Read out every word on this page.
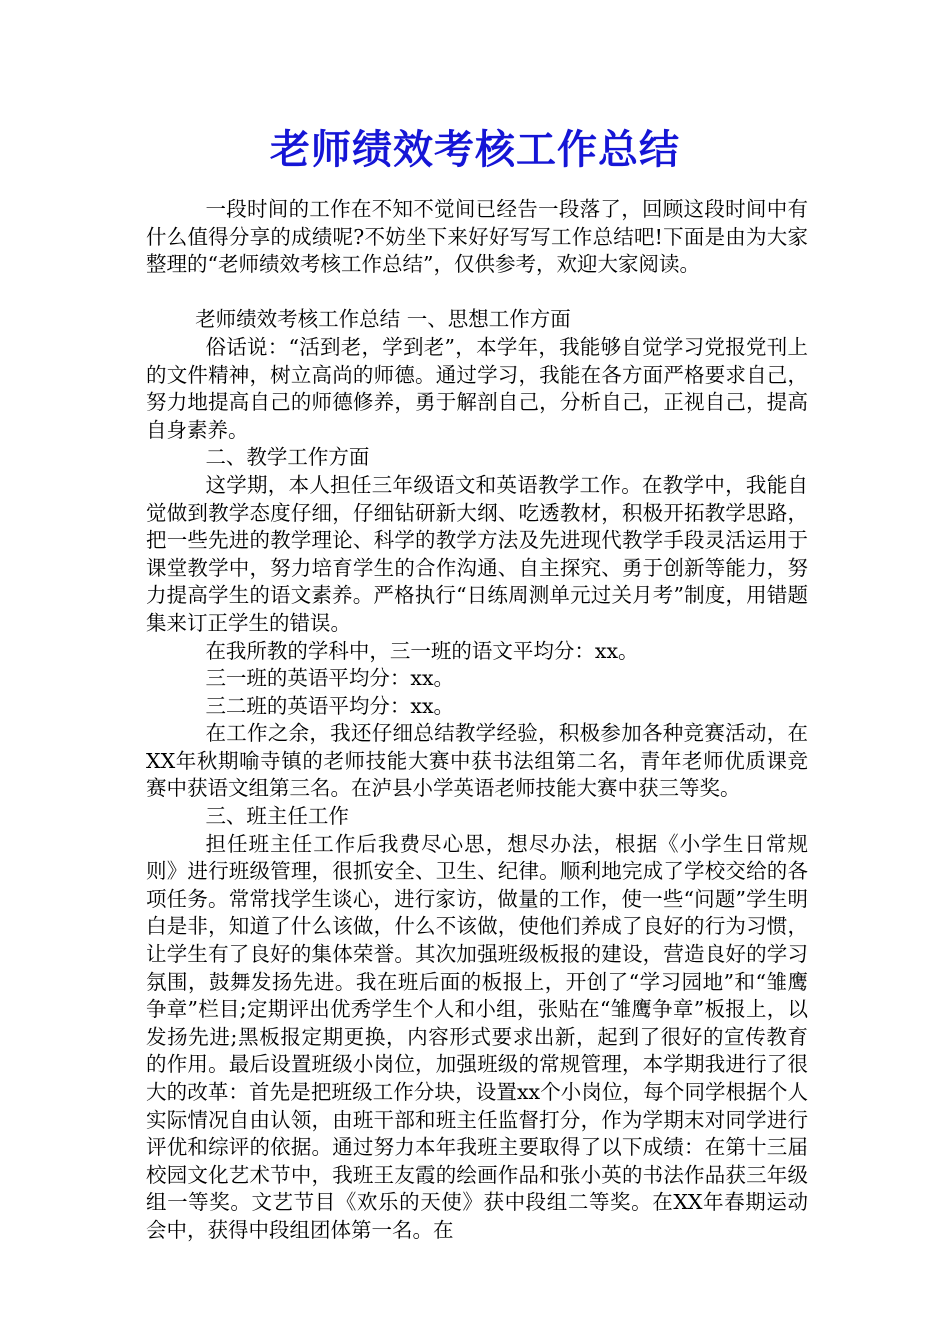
老师绩效考核工作总结

一段时间的工作在不知不觉间已经告一段落了，回顾这段时间中有什么值得分享的成绩呢?不妨坐下来好好写写工作总结吧!下面是由为大家整理的“老师绩效考核工作总结”，仅供参考，欢迎大家阅读。

老师绩效考核工作总结 一、思想工作方面

俗话说：“活到老，学到老”，本学年，我能够自觉学习党报党刊上的文件精神，树立高尚的师德。通过学习，我能在各方面严格要求自己，努力地提高自己的师德修养，勇于解剖自己，分析自己，正视自己，提高自身素养。

二、教学工作方面

这学期，本人担任三年级语文和英语教学工作。在教学中，我能自觉做到教学态度仔细，仔细钻研新大纲、吃透教材，积极开拓教学思路，把一些先进的教学理论、科学的教学方法及先进现代教学手段灵活运用于课堂教学中，努力培育学生的合作沟通、自主探究、勇于创新等能力，努力提高学生的语文素养。严格执行“日练周测单元过关月考”制度，用错题集来订正学生的错误。

在我所教的学科中，三一班的语文平均分：xx。

三一班的英语平均分：xx。

三二班的英语平均分：xx。

在工作之余，我还仔细总结教学经验，积极参加各种竞赛活动，在XX年秋期喻寺镇的老师技能大赛中获书法组第二名，青年老师优质课竞赛中获语文组第三名。在泸县小学英语老师技能大赛中获三等奖。

三、班主任工作

担任班主任工作后我费尽心思，想尽办法，根据《小学生日常规则》进行班级管理，很抓安全、卫生、纪律。顺利地完成了学校交给的各项任务。常常找学生谈心，进行家访，做量的工作，使一些“问题”学生明白是非，知道了什么该做，什么不该做，使他们养成了良好的行为习惯，让学生有了良好的集体荣誉。其次加强班级板报的建设，营造良好的学习氛围，鼓舞发扬先进。我在班后面的板报上，开创了“学习园地”和“雏鹰争章”栏目;定期评出优秀学生个人和小组，张贴在“雏鹰争章”板报上，以发扬先进;黑板报定期更换，内容形式要求出新，起到了很好的宣传教育的作用。最后设置班级小岗位，加强班级的常规管理，本学期我进行了很大的改革：首先是把班级工作分块，设置xx个小岗位，每个同学根据个人实际情况自由认领，由班干部和班主任监督打分，作为学期末对同学进行评优和综评的依据。通过努力本年我班主要取得了以下成绩：在第十三届校园文化艺术节中，我班王友霞的绘画作品和张小英的书法作品获三年级组一等奖。文艺节目《欢乐的天使》获中段组二等奖。在XX年春期运动会中，获得中段组团体第一名。在
